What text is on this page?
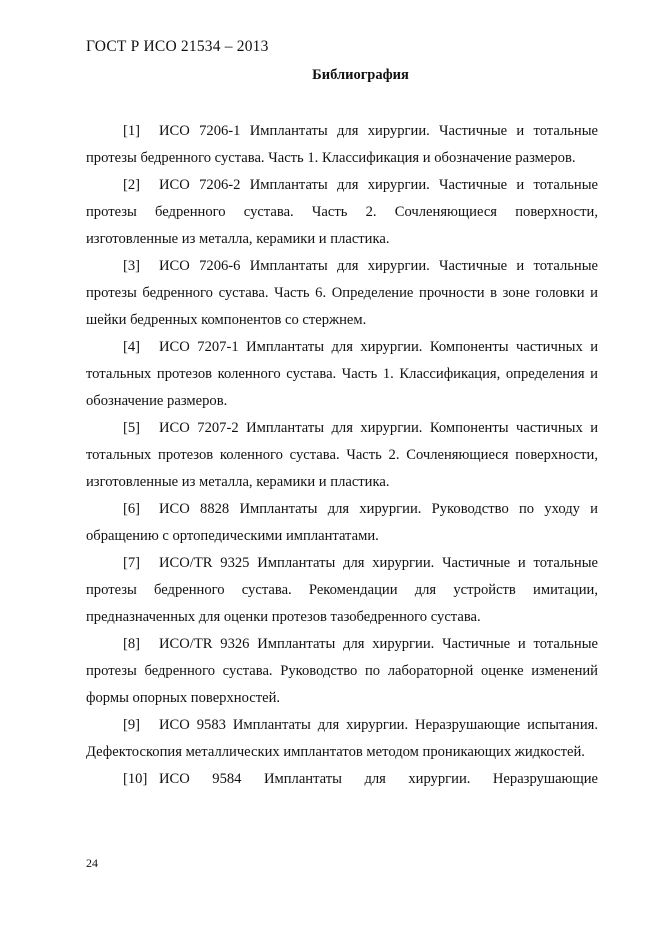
ГОСТ Р ИСО 21534 – 2013
Библиография

[1] ИСО 7206-1 Имплантаты для хирургии. Частичные и тотальные протезы бедренного сустава. Часть 1. Классификация и обозначение размеров.

[2] ИСО 7206-2 Имплантаты для хирургии. Частичные и тотальные протезы бедренного сустава. Часть 2. Сочленяющиеся поверхности, изготовленные из металла, керамики и пластика.

[3] ИСО 7206-6 Имплантаты для хирургии. Частичные и тотальные протезы бедренного сустава. Часть 6. Определение прочности в зоне головки и шейки бедренных компонентов со стержнем.

[4] ИСО 7207-1 Имплантаты для хирургии. Компоненты частичных и тотальных протезов коленного сустава. Часть 1. Классификация, определения и обозначение размеров.

[5] ИСО 7207-2 Имплантаты для хирургии. Компоненты частичных и тотальных протезов коленного сустава. Часть 2. Сочленяющиеся поверхности, изготовленные из металла, керамики и пластика.

[6] ИСО 8828 Имплантаты для хирургии. Руководство по уходу и обращению с ортопедическими имплантатами.

[7] ИСО/TR 9325 Имплантаты для хирургии. Частичные и тотальные протезы бедренного сустава. Рекомендации для устройств имитации, предназначенных для оценки протезов тазобедренного сустава.

[8] ИСО/TR 9326 Имплантаты для хирургии. Частичные и тотальные протезы бедренного сустава. Руководство по лабораторной оценке изменений формы опорных поверхностей.

[9] ИСО 9583 Имплантаты для хирургии. Неразрушающие испытания. Дефектоскопия металлических имплантатов методом проникающих жидкостей.

[10] ИСО 9584 Имплантаты для хирургии. Неразрушающие

24
